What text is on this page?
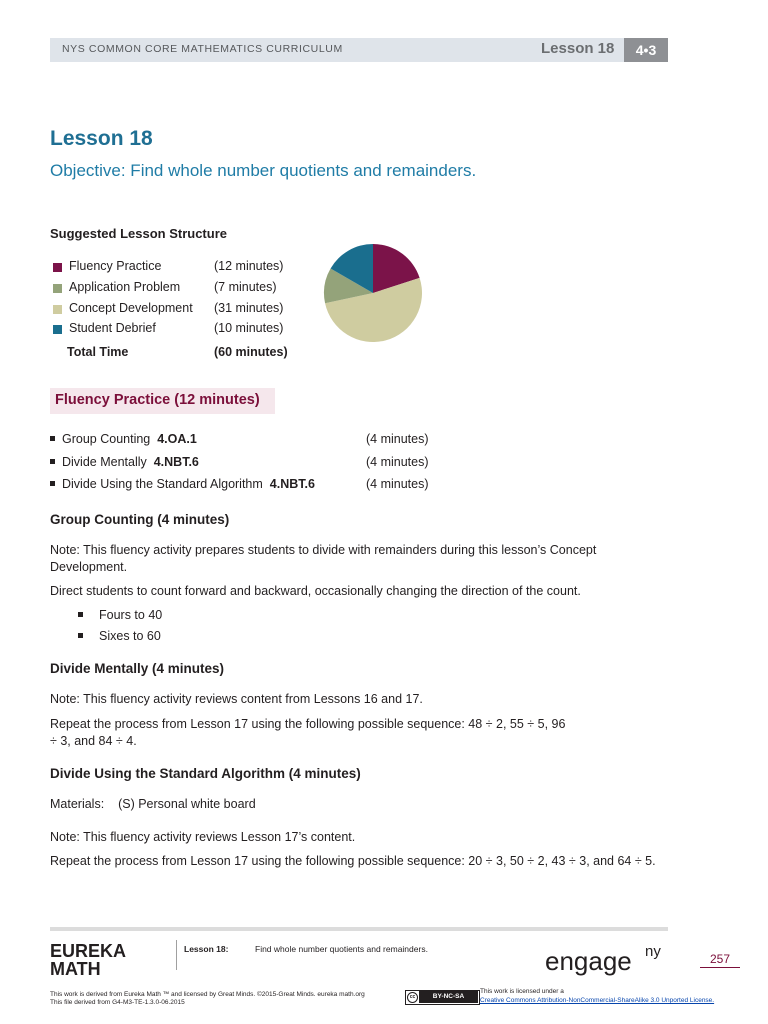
NYS COMMON CORE MATHEMATICS CURRICULUM	Lesson 18	4•3
Lesson 18
Objective: Find whole number quotients and remainders.
Suggested Lesson Structure
Fluency Practice	(12 minutes)
Application Problem	(7 minutes)
Concept Development (31 minutes)
Student Debrief	(10 minutes)
Total Time	(60 minutes)
Fluency Practice (12 minutes)
Group Counting 4.OA.1	(4 minutes)
Divide Mentally 4.NBT.6	(4 minutes)
Divide Using the Standard Algorithm 4.NBT.6	(4 minutes)
Group Counting (4 minutes)
Note: This fluency activity prepares students to divide with remainders during this lesson’s Concept Development.
Direct students to count forward and backward, occasionally changing the direction of the count.
Fours to 40
Sixes to 60
Divide Mentally (4 minutes)
Note: This fluency activity reviews content from Lessons 16 and 17.
Repeat the process from Lesson 17 using the following possible sequence: 48 ÷ 2, 55 ÷ 5, 96 ÷ 3, and 84 ÷ 4.
Divide Using the Standard Algorithm (4 minutes)
Materials:    (S) Personal white board
Note: This fluency activity reviews Lesson 17’s content.
Repeat the process from Lesson 17 using the following possible sequence: 20 ÷ 3, 50 ÷ 2, 43 ÷ 3, and 64 ÷ 5.
EUREKA
MATH
Lesson 18:	Find whole number quotients and remainders.	engage ny	257
This work is derived from Eureka Math ™ and licensed by Great Minds. ©2015-Great Minds. eureka math.org
This file derived from G4-M3-TE-1.3.0-06.2015
cc	BY-NC-SA
This work is licensed under a
Creative Commons Attribution-NonCommercial-ShareAlike 3.0 Unported License.
